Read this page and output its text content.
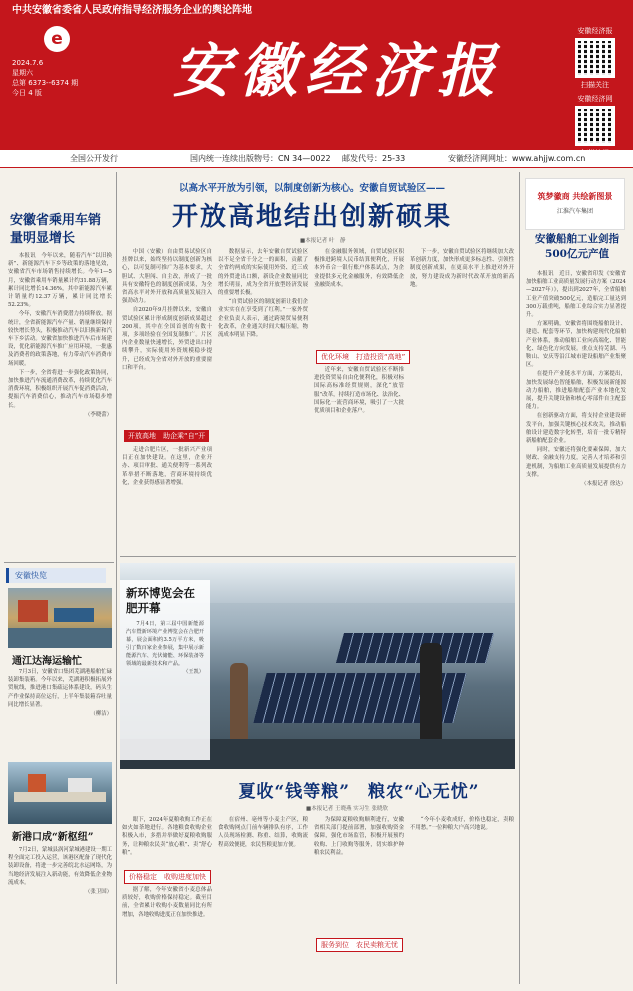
中共安徽省委省人民政府指导经济服务企业的舆论阵地
e
2024.7.6
星期六
总第 6373--6374 期
今日 4 版	安徽经济报
安徽经济报
扫描关注
安徽经济网
全国公开发行	国内统一连续出版物号：CN 34—0022 邮发代号：25-33	安徽经济网网址：www.ahjjw.com.cn
安徽省乘用车销量明显增长

本报讯　今年以来，随着汽车“以旧换新”、新能源汽车下乡等政策的落地见效，安徽省汽车市场销售持续增长。今年1—5月，安徽省乘用车销量累计约31.88万辆，累计同比增长14.36%，其中新能源汽车累计销量约12.37万辆，累计同比增长52.23%。

今年，安徽汽车消费潜力持续释放，据统计，全省新能源汽车产量、销量继续保持较快增长势头，积极推动汽车以旧换新和汽车下乡活动。安徽省加快推进汽车后市场建设，优化新能源汽车推广应用环境，一批惠及消费者的政策落地，有力带动汽车消费市场回暖。

下一步，全省将进一步强化政策协同，加快推进汽车流通消费改革，持续优化汽车消费环境，积极组织开展汽车促消费活动，提振汽车消费信心，推动汽车市场稳步增长。

（李晓蕾）

安徽快览
通江达海运输忙

7月3日，安徽省口集团芜湖港船舶忙碌装卸集装箱。今年以来，芜湖港积极拓展外贸航线，推进港口集疏运体系建设，码头生产作业保持高位运行，上半年集装箱吞吐量同比增长显著。

（柳洁）

新港口成“新枢纽”

7月2日，蒙城县涡河蒙城港建设一期工程全面完工投入运营，该港区配备了现代化装卸设备，将进一步完善皖北水运网络，为当地经济发展注入新动能，有效降低企业物流成本。

（张卫国）

以高水平开放为引领，以制度创新为核心。安徽自贸试验区——
开放高地结出创新硕果
■本报记者 叶　静

中国（安徽）自由贸易试验区自挂牌以来，始终坚持以制度创新为核心，以可复制可推广为基本要求，大胆试、大胆闯、自主改，形成了一批具有安徽特色的制度创新成果，为全省高水平对外开放和高质量发展注入强劲动力。

自2020年9月挂牌以来，安徽自贸试验区累计形成制度创新成果超过200项，其中在全国首创的有数十项，多项经验在全国复制推广。片区内企业数量快速增长，外贸进出口持续攀升，实际使用外资规模稳步提升，已经成为全省对外开放的重要窗口和平台。

数据显示，去年安徽自贸试验区以不足全省千分之一的面积，贡献了全省约两成的实际使用外资、近三成的外贸进出口额，新设企业数量同比增长明显，成为全省开放型经济发展的重要增长极。

“自贸试验区的制度创新让我们企业实实在在享受到了红利。”一家外贸企业负责人表示，通过跨境贸易便利化改革，企业通关时间大幅压缩，物流成本明显下降。

开放高地　助企乘“自”开

走进合肥片区，一批新兴产业项目正在加快建设。在这里，企业开办、项目审批、通关便利等一系列改革举措不断落地，营商环境持续优化，企业获得感显著增强。

在金融服务领域，自贸试验区积极推进跨境人民币结算便利化，开展本外币合一银行账户体系试点，为企业提供多元化金融服务，有效降低企业融资成本。

优化环境　打造投资“高地”

近年来，安徽自贸试验区不断推进投资贸易自由化便利化，积极对标国际高标准经贸规则，深化“放管服”改革，持续打造市场化、法治化、国际化一流营商环境，吸引了一大批优质项目和企业落户。

下一步，安徽自贸试验区将继续加大改革创新力度，加快形成更多标志性、引领性制度创新成果，在更高水平上推进对外开放，努力建设成为新时代改革开放的新高地。

新环博览会在肥开幕

7月4日，第三届中国新能源汽车暨新环境产业博览会在合肥开幕，展会面积约3.5万平方米，吸引了数百家企业参展，集中展示新能源汽车、光伏储能、环保装备等领域的最新技术和产品。

（王凯）

夏收“钱等粮”　粮农“心无忧”
■本报记者 王晓燕 实习生 张晓欣

眼下，2024年夏粮收购工作正在如火如荼地进行。各地粮食收购企业积极入市，多措并举做好夏粮收购服务，让种粮农民卖“放心粮”、卖“舒心粮”。

价格稳定　收购进度加快

据了解，今年安徽省小麦总体品质较好，收购价格保持稳定。截至目前，全省累计收购小麦数量同比有所增加，各地收购进度正在加快推进。

在宿州、亳州等小麦主产区，粮食收购网点门前车辆排队有序，工作人员现场检测、称重、结算，收购流程高效便捷，农民售粮更加方便。

为保障夏粮收购顺利进行，安徽省相关部门提前部署，加强收购资金保障，强化市场监管，积极开展预约收购、上门收购等服务，切实维护种粮农民利益。

服务到位　农民卖粮无忧

“今年小麦收成好，价格也稳定，卖粮不用愁。”一位种粮大户高兴地说。

筑梦徽商 共绘新图景
江淮汽车集团
安徽船舶工业剑指500亿元产值

本报讯　近日，安徽省印发《安徽省加快船舶工业高质量发展行动方案（2024—2027年）》，提出到2027年，全省船舶工业产值突破500亿元，造船完工量达到300万载重吨，船舶工业综合实力显著提升。

方案明确，安徽省将围绕船舶设计、建造、配套等环节，加快构建现代化船舶产业体系，推动船舶工业向高端化、智能化、绿色化方向发展。重点支持芜湖、马鞍山、安庆等沿江城市建设船舶产业集聚区。

在提升产业链水平方面，方案提出，加快发展绿色智能船舶，积极发展新能源动力船舶，推进船舶配套产业本地化发展，提升关键设备和核心零部件自主配套能力。

在创新驱动方面，将支持企业建设研发平台，加强关键核心技术攻关，推动船舶设计建造数字化转型，培育一批专精特新船舶配套企业。

同时，安徽还将强化要素保障，加大财政、金融支持力度，完善人才培养和引进机制，为船舶工业高质量发展提供有力支撑。

（本报记者 徐达）
